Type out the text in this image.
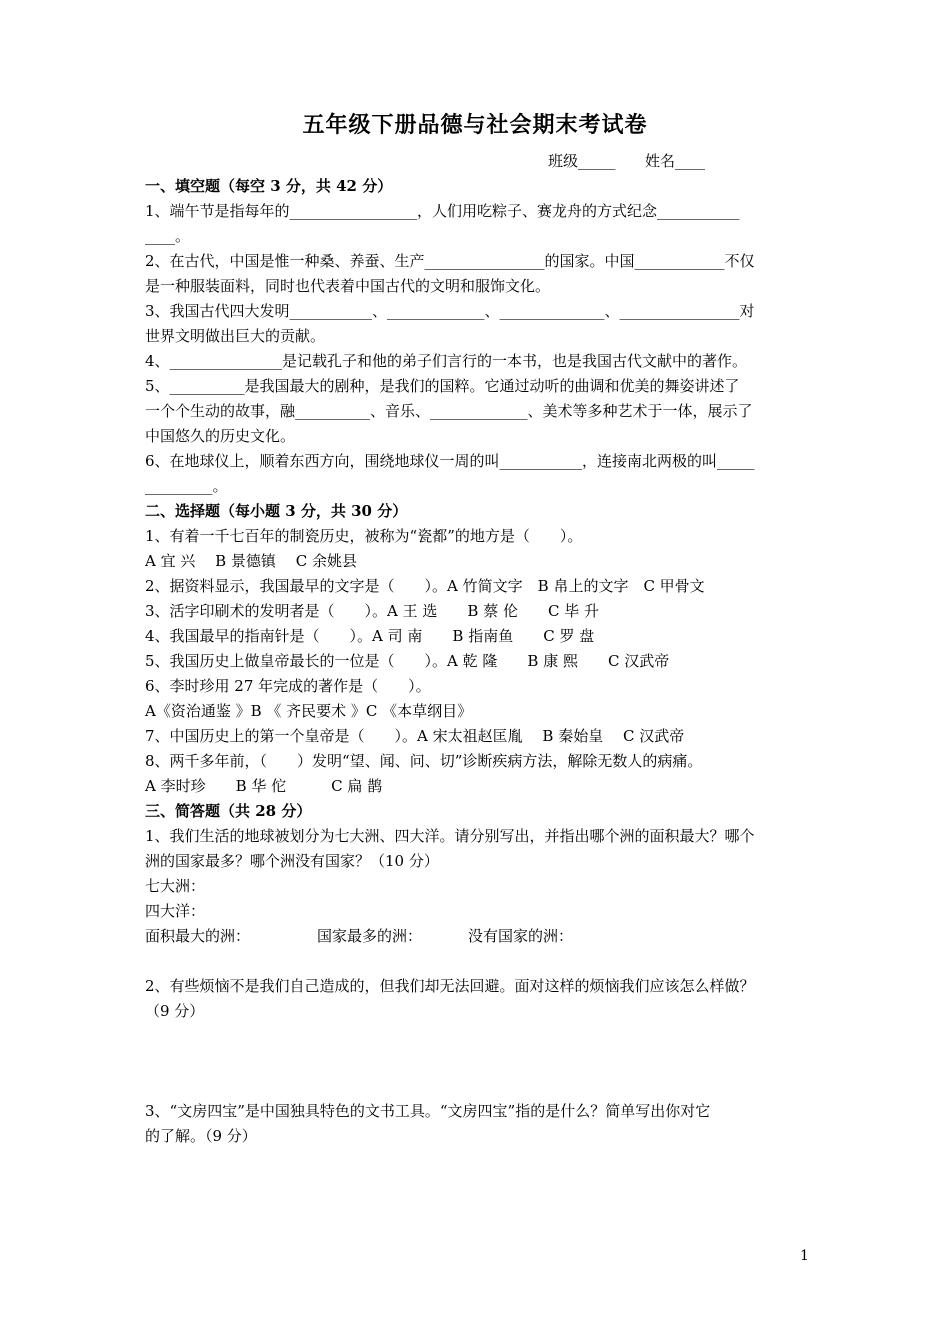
五年级下册品德与社会期末考试卷
班级_____ 姓名____
一、填空题（每空 3 分，共 42 分）
1、端午节是指每年的_________________，人们用吃粽子、赛龙舟的方式纪念___________
____。
2、在古代，中国是惟一种桑、养蚕、生产________________的国家。中国____________不仅
是一种服装面料，同时也代表着中国古代的文明和服饰文化。
3、我国古代四大发明___________、_____________、______________、________________对
世界文明做出巨大的贡献。
4、_______________是记载孔子和他的弟子们言行的一本书，也是我国古代文献中的著作。
5、__________是我国最大的剧种，是我们的国粹。它通过动听的曲调和优美的舞姿讲述了
一个个生动的故事，融__________、音乐、_____________、美术等多种艺术于一体，展示了
中国悠久的历史文化。
6、在地球仪上，顺着东西方向，围绕地球仪一周的叫___________，连接南北两极的叫_____
_________。
二、选择题（每小题 3 分，共 30 分）
1、有着一千七百年的制瓷历史，被称为“瓷都”的地方是（　　）。
A 宜 兴　 B 景德镇　 C 余姚县
2、据资料显示，我国最早的文字是（　　）。A 竹简文字　B 帛上的文字　C 甲骨文
3、活字印刷术的发明者是（　　）。A 王 选　　B 蔡 伦　　C 毕 升
4、我国最早的指南针是（　　）。A 司 南　　B 指南鱼　　C 罗 盘
5、我国历史上做皇帝最长的一位是（　　）。A 乾 隆　　B 康 熙　　C 汉武帝
6、李时珍用 27 年完成的著作是（　　）。
A《资治通鉴 》B 《 齐民要术 》C 《本草纲目》
7、中国历史上的第一个皇帝是（　　）。A 宋太祖赵匡胤　 B 秦始皇　 C 汉武帝
8、两千多年前，（　　）发明“望、闻、问、切”诊断疾病方法，解除无数人的病痛。
A 李时珍　　B 华 佗　　　C 扁 鹊
三、简答题（共 28 分）
1、我们生活的地球被划分为七大洲、四大洋。请分别写出，并指出哪个洲的面积最大？哪个
洲的国家最多？哪个洲没有国家？（10 分）
七大洲：
四大洋：
面积最大的洲：	国家最多的洲：	没有国家的洲：
2、有些烦恼不是我们自己造成的，但我们却无法回避。面对这样的烦恼我们应该怎么样做？
（9 分）
3、“文房四宝”是中国独具特色的文书工具。“文房四宝”指的是什么？简单写出你对它
的了解。（9 分）
1
